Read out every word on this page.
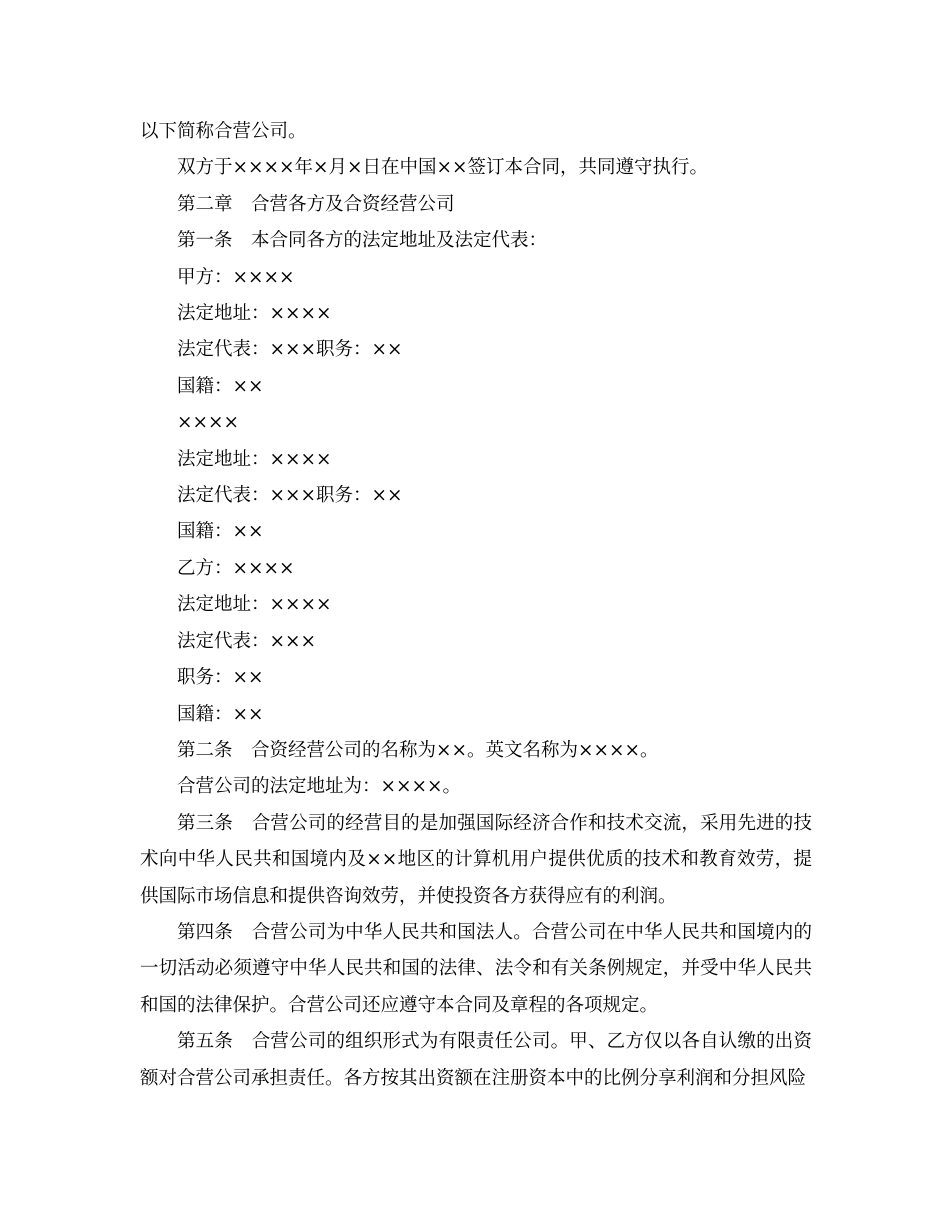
以下简称合营公司。

双方于××××年×月×日在中国××签订本合同，共同遵守执行。

第二章　合营各方及合资经营公司

第一条　本合同各方的法定地址及法定代表：

甲方：××××

法定地址：××××

法定代表：×××职务：××

国籍：××

××××

法定地址：××××

法定代表：×××职务：××

国籍：××

乙方：××××

法定地址：××××

法定代表：×××

职务：××

国籍：××

第二条　合资经营公司的名称为××。英文名称为××××。

合营公司的法定地址为：××××。

第三条　合营公司的经营目的是加强国际经济合作和技术交流，采用先进的技术向中华人民共和国境内及××地区的计算机用户提供优质的技术和教育效劳，提供国际市场信息和提供咨询效劳，并使投资各方获得应有的利润。

第四条　合营公司为中华人民共和国法人。合营公司在中华人民共和国境内的一切活动必须遵守中华人民共和国的法律、法令和有关条例规定，并受中华人民共和国的法律保护。合营公司还应遵守本合同及章程的各项规定。

第五条　合营公司的组织形式为有限责任公司。甲、乙方仅以各自认缴的出资额对合营公司承担责任。各方按其出资额在注册资本中的比例分享利润和分担风险
